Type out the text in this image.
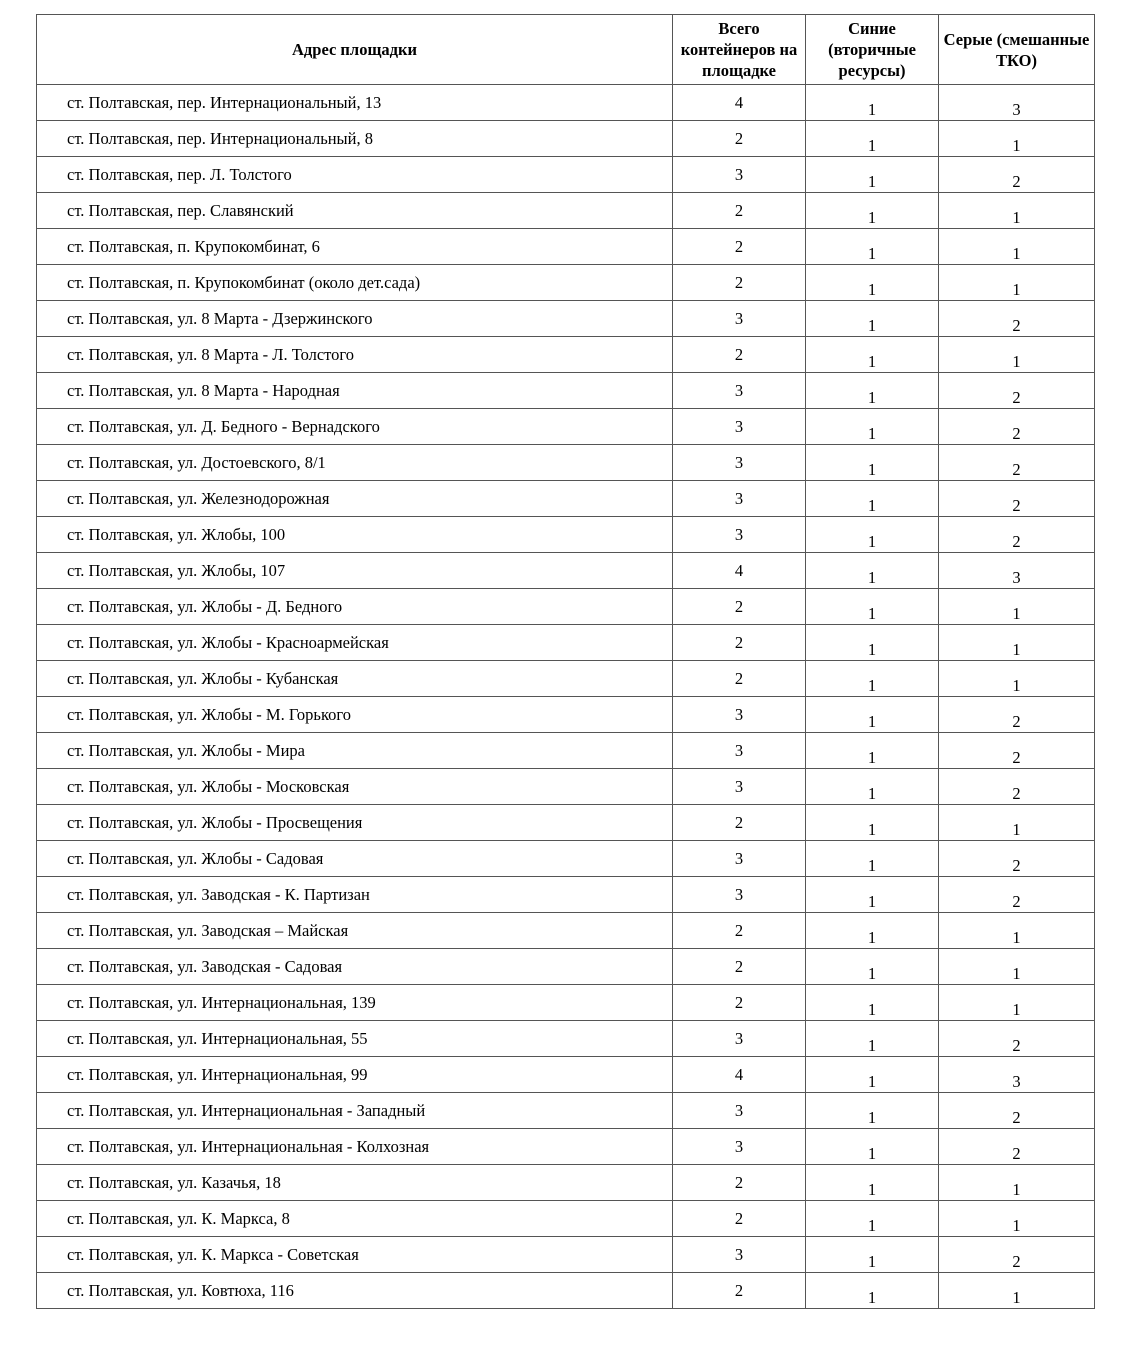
Адрес площадки	Всего контейнеров на площадке	Синие (вторичные ресурсы)	Серые (смешанные ТКО)
ст. Полтавская, пер. Интернациональный, 13	4	1	3
ст. Полтавская, пер. Интернациональный, 8	2	1	1
ст. Полтавская, пер. Л. Толстого	3	1	2
ст. Полтавская, пер. Славянский	2	1	1
ст. Полтавская, п. Крупокомбинат, 6	2	1	1
ст. Полтавская, п. Крупокомбинат (около дет.сада)	2	1	1
ст. Полтавская, ул. 8 Марта - Дзержинского	3	1	2
ст. Полтавская, ул. 8 Марта - Л. Толстого	2	1	1
ст. Полтавская, ул. 8 Марта - Народная	3	1	2
ст. Полтавская, ул. Д. Бедного - Вернадского	3	1	2
ст. Полтавская, ул. Достоевского, 8/1	3	1	2
ст. Полтавская, ул. Железнодорожная	3	1	2
ст. Полтавская, ул. Жлобы, 100	3	1	2
ст. Полтавская, ул. Жлобы, 107	4	1	3
ст. Полтавская, ул. Жлобы - Д. Бедного	2	1	1
ст. Полтавская, ул. Жлобы - Красноармейская	2	1	1
ст. Полтавская, ул. Жлобы - Кубанская	2	1	1
ст. Полтавская, ул. Жлобы - М. Горького	3	1	2
ст. Полтавская, ул. Жлобы - Мира	3	1	2
ст. Полтавская, ул. Жлобы - Московская	3	1	2
ст. Полтавская, ул. Жлобы - Просвещения	2	1	1
ст. Полтавская, ул. Жлобы - Садовая	3	1	2
ст. Полтавская, ул. Заводская - К. Партизан	3	1	2
ст. Полтавская, ул. Заводская – Майская	2	1	1
ст. Полтавская, ул. Заводская - Садовая	2	1	1
ст. Полтавская, ул. Интернациональная, 139	2	1	1
ст. Полтавская, ул. Интернациональная, 55	3	1	2
ст. Полтавская, ул. Интернациональная, 99	4	1	3
ст. Полтавская, ул. Интернациональная - Западный	3	1	2
ст. Полтавская, ул. Интернациональная - Колхозная	3	1	2
ст. Полтавская, ул. Казачья, 18	2	1	1
ст. Полтавская, ул. К. Маркса, 8	2	1	1
ст. Полтавская, ул. К. Маркса - Советская	3	1	2
ст. Полтавская, ул. Ковтюха, 116	2	1	1
